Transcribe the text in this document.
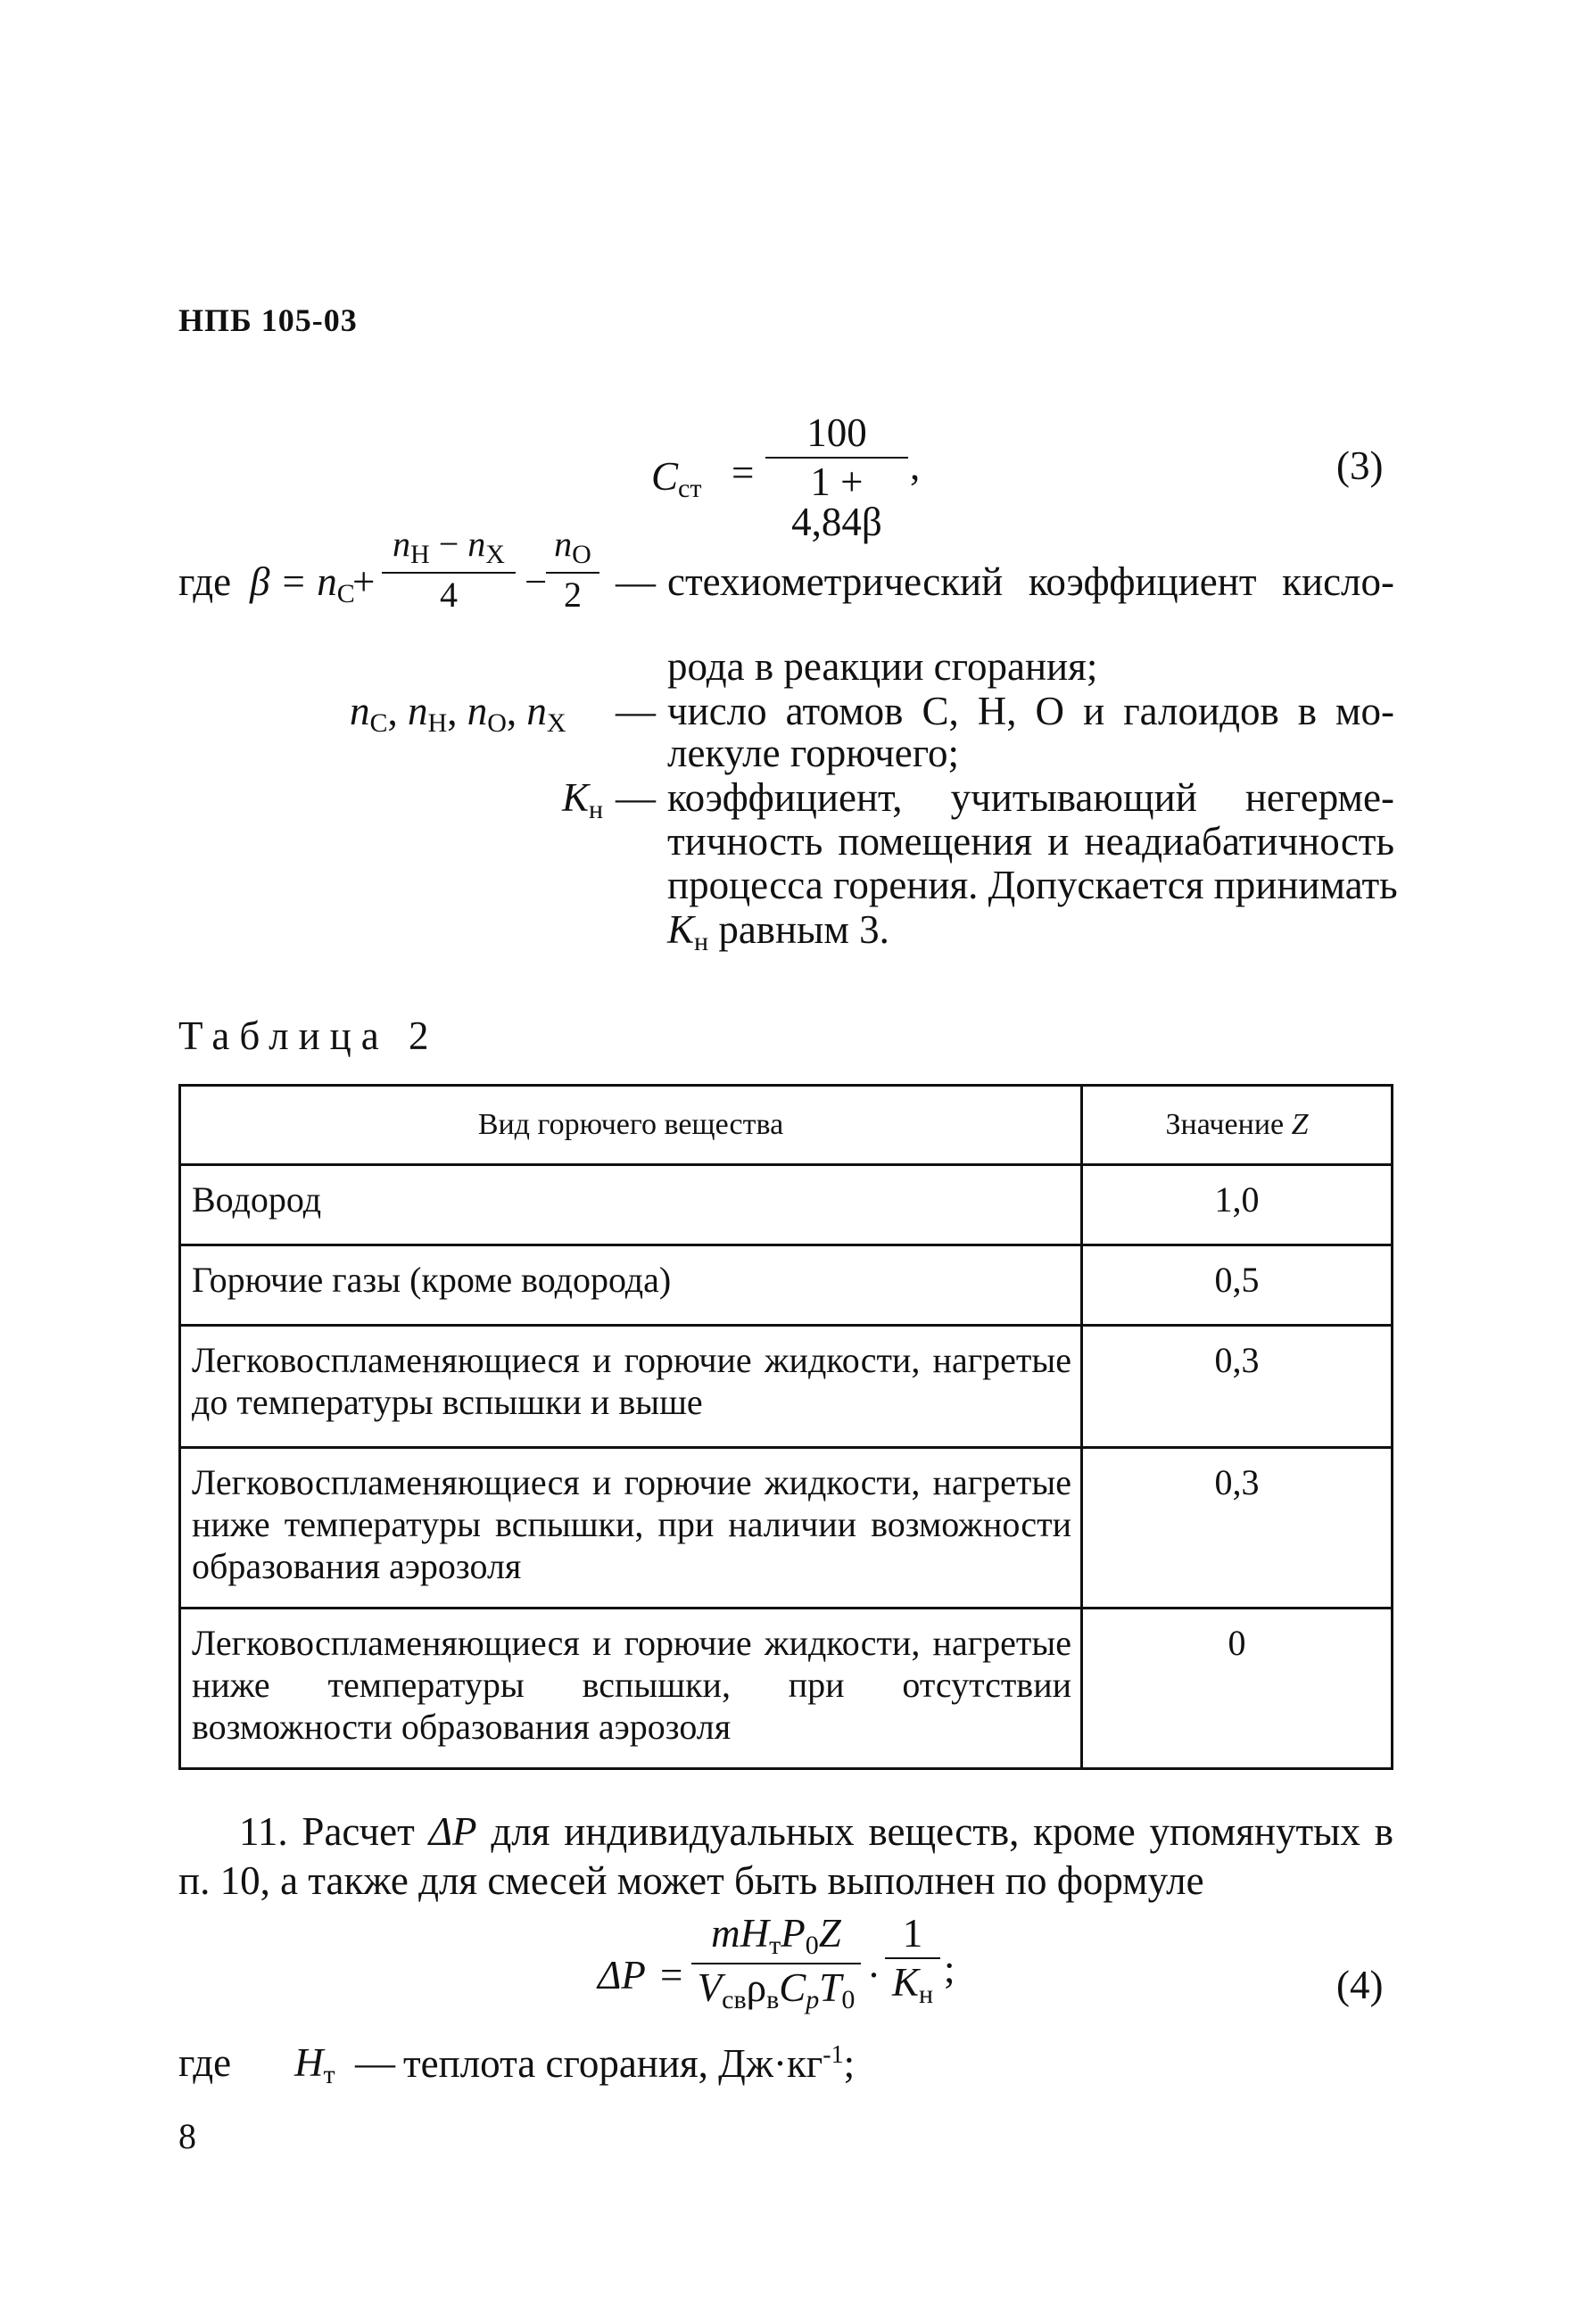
НПБ 105-03
$C_{ст} = \frac{100}{1 + 4,84\beta}$ ,	(3)
где $\beta = n_C$
+ $\frac{n_H - n_X}{4}$ −
$\frac{n_O}{2}$ — стехиометрический коэффициент кисло-
рода в реакции сгорания;
$n_C$, $n_H$, $n_O$, $n_X$ — число атомов С, Н, О и галоидов в мо-
лекуле горючего;
$K_н$ — коэффициент, учитывающий негерме-
тичность помещения и неадиабатичность
процесса горения. Допускается принимать
$K_н$ равным 3.
Таблица 2
Вид горючего вещества	Значение Z
Водород	1,0
Горючие газы (кроме водорода)	0,5
Легковоспламеняющиеся и горючие жидкости, нагретые до температуры вспышки и выше	0,3
Легковоспламеняющиеся и горючие жидкости, нагретые ниже температуры вспышки, при наличии возможности образования аэрозоля	0,3
Легковоспламеняющиеся и горючие жидкости, нагретые ниже температуры вспышки, при отсутствии возможности образования аэрозоля	0
11. Расчет ΔP для индивидуальных веществ, кроме упомянутых в
п. 10, а также для смесей может быть выполнен по формуле
ΔP =
$mH_тP_0Z$
$V_{св}\rho_вC_pT_0$
·
1
$K_н$
;	(4)
где $H_т$ — теплота сгорания, $Дж\cdot кг^{-1}$;
8
